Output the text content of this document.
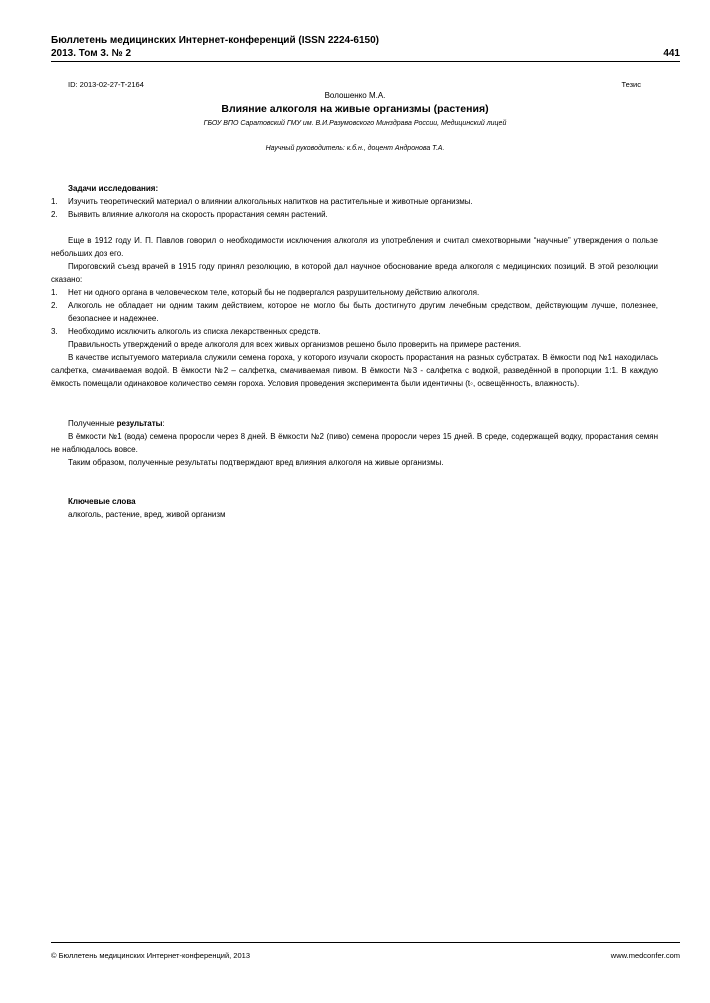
Бюллетень медицинских Интернет-конференций (ISSN 2224-6150)
2013. Том 3. № 2	441
ID: 2013-02-27-T-2164	Тезис
Волошенко М.А.
Влияние алкоголя на живые организмы (растения)
ГБОУ ВПО Саратовский ГМУ им. В.И.Разумовского Минздрава России, Медицинский лицей
Научный руководитель: к.б.н., доцент Андронова Т.А.

Задачи исследования:

1.	Изучить теоретический материал о влиянии алкогольных напитков на растительные и животные организмы.
2.	Выявить влияние алкоголя на скорость прорастания семян растений.

Еще в 1912 году И. П. Павлов говорил о необходимости исключения алкоголя из употребления и считал смехотворными “научные” утверждения о пользе небольших доз его.

Пироговский съезд врачей в 1915 году принял резолюцию, в которой дал научное обоснование вреда алкоголя с медицинских позиций. В этой резолюции сказано:

1.	Нет ни одного органа в человеческом теле, который бы не подвергался разрушительному действию алкоголя.
2.	Алкоголь не обладает ни одним таким действием, которое не могло бы быть достигнуто другим лечебным средством, действующим лучше, полезнее, безопаснее и надежнее.
3.	Необходимо исключить алкоголь из списка лекарственных средств.

Правильность утверждений о вреде алкоголя для всех живых организмов решено было проверить на примере растения.

В качестве испытуемого материала служили семена гороха, у которого изучали скорость прорастания на разных субстратах. В ёмкости под №1 находилась салфетка, смачиваемая водой. В ёмкости №2 – салфетка, смачиваемая пивом. В ёмкости №3 - салфетка с водкой, разведённой в пропорции 1:1. В каждую ёмкость помещали одинаковое количество семян гороха. Условия проведения эксперимента были идентичны (t◦, освещённость, влажность).

Полученные результаты:

В ёмкости №1 (вода) семена проросли через 8 дней. В ёмкости №2 (пиво) семена проросли через 15 дней. В среде, содержащей водку, прорастания семян не наблюдалось вовсе.

Таким образом, полученные результаты подтверждают вред влияния алкоголя на живые организмы.

Ключевые слова

алкоголь, растение, вред, живой организм

© Бюллетень медицинских Интернет-конференций, 2013	www.medconfer.com
